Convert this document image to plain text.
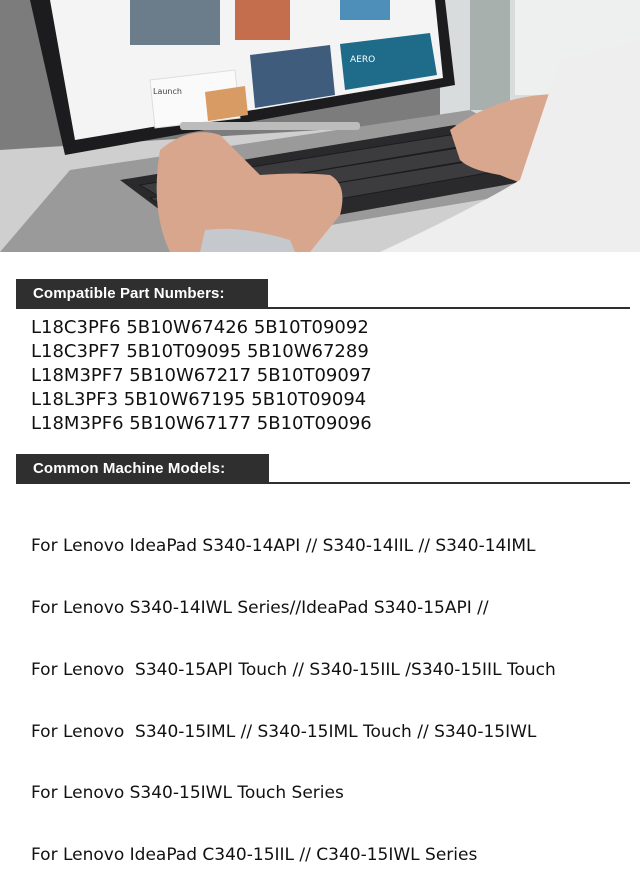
AERO
Launch
Compatible Part Numbers:
L18C3PF6 5B10W67426 5B10T09092
L18C3PF7 5B10T09095 5B10W67289
L18M3PF7 5B10W67217 5B10T09097
L18L3PF3 5B10W67195 5B10T09094
L18M3PF6 5B10W67177 5B10T09096
Common Machine Models:

For Lenovo IdeaPad S340-14API // S340-14IIL // S340-14IML

For Lenovo S340-14IWL Series//IdeaPad S340-15API //

For Lenovo  S340-15API Touch // S340-15IIL /S340-15IIL Touch

For Lenovo  S340-15IML // S340-15IML Touch // S340-15IWL

For Lenovo S340-15IWL Touch Series

For Lenovo IdeaPad C340-15IIL // C340-15IWL Series
